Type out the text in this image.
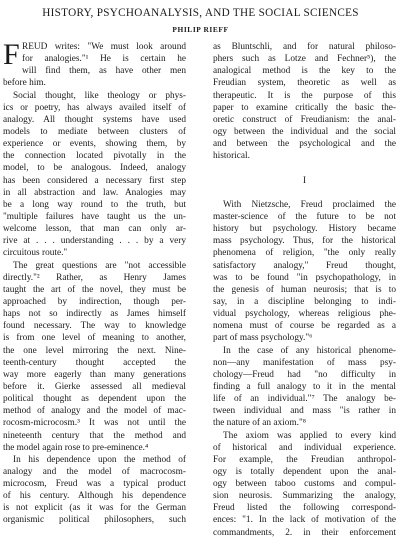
HISTORY, PSYCHOANALYSIS, AND THE SOCIAL SCIENCES
PHILIP RIEFF
F REUD writes: "We must look around
for analogies."¹ He is certain he
will find them, as have other men
before him.
Social thought, like theology or phys-
ics or poetry, has always availed itself of
analogy. All thought systems have used
models to mediate between clusters of
experience or events, showing them, by
the connection located pivotally in the
model, to be analogous. Indeed, analogy
has been considered a necessary first step
in all abstraction and law. Analogies may
be a long way round to the truth, but
"multiple failures have taught us the un-
welcome lesson, that man can only ar-
rive at . . . understanding . . . by a very
circuitous route."
The great questions are "not accessible
directly."² Rather, as Henry James
taught the art of the novel, they must be
approached by indirection, though per-
haps not so indirectly as James himself
found necessary. The way to knowledge
is from one level of meaning to another,
the one level mirroring the next. Nine-
teenth-century thought accepted the
way more eagerly than many generations
before it. Gierke assessed all medieval
political thought as dependent upon the
method of analogy and the model of mac-
rocosm-microcosm.³ It was not until the
nineteenth century that the method and
the model again rose to pre-eminence.⁴
In his dependence upon the method of
analogy and the model of macrocosm-
microcosm, Freud was a typical product
of his century. Although his dependence
is not explicit (as it was for the German
organismic political philosophers, such
as Bluntschli, and for natural philoso-
phers such as Lotze and Fechner⁵), the
analogical method is the key to the
Freudian system, theoretic as well as
therapeutic. It is the purpose of this
paper to examine critically the basic the-
oretic construct of Freudianism: the anal-
ogy between the individual and the social
and between the psychological and the
historical.
I
With Nietzsche, Freud proclaimed the
master-science of the future to be not
history but psychology. History became
mass psychology. Thus, for the historical
phenomena of religion, "the only really
satisfactory analogy," Freud thought,
was to be found "in psychopathology, in
the genesis of human neurosis; that is to
say, in a discipline belonging to indi-
vidual psychology, whereas religious phe-
nomena must of course be regarded as a
part of mass psychology."⁶
In the case of any historical phenome-
non—any manifestation of mass psy-
chology—Freud had "no difficulty in
finding a full analogy to it in the mental
life of an individual."⁷ The analogy be-
tween individual and mass "is rather in
the nature of an axiom."⁸
The axiom was applied to every kind
of historical and individual experience.
For example, the Freudian anthropol-
ogy is totally dependent upon the anal-
ogy between taboo customs and compul-
sion neurosis. Summarizing the analogy,
Freud listed the following correspond-
ences: "1. In the lack of motivation of the
commandments, 2. in their enforcement
